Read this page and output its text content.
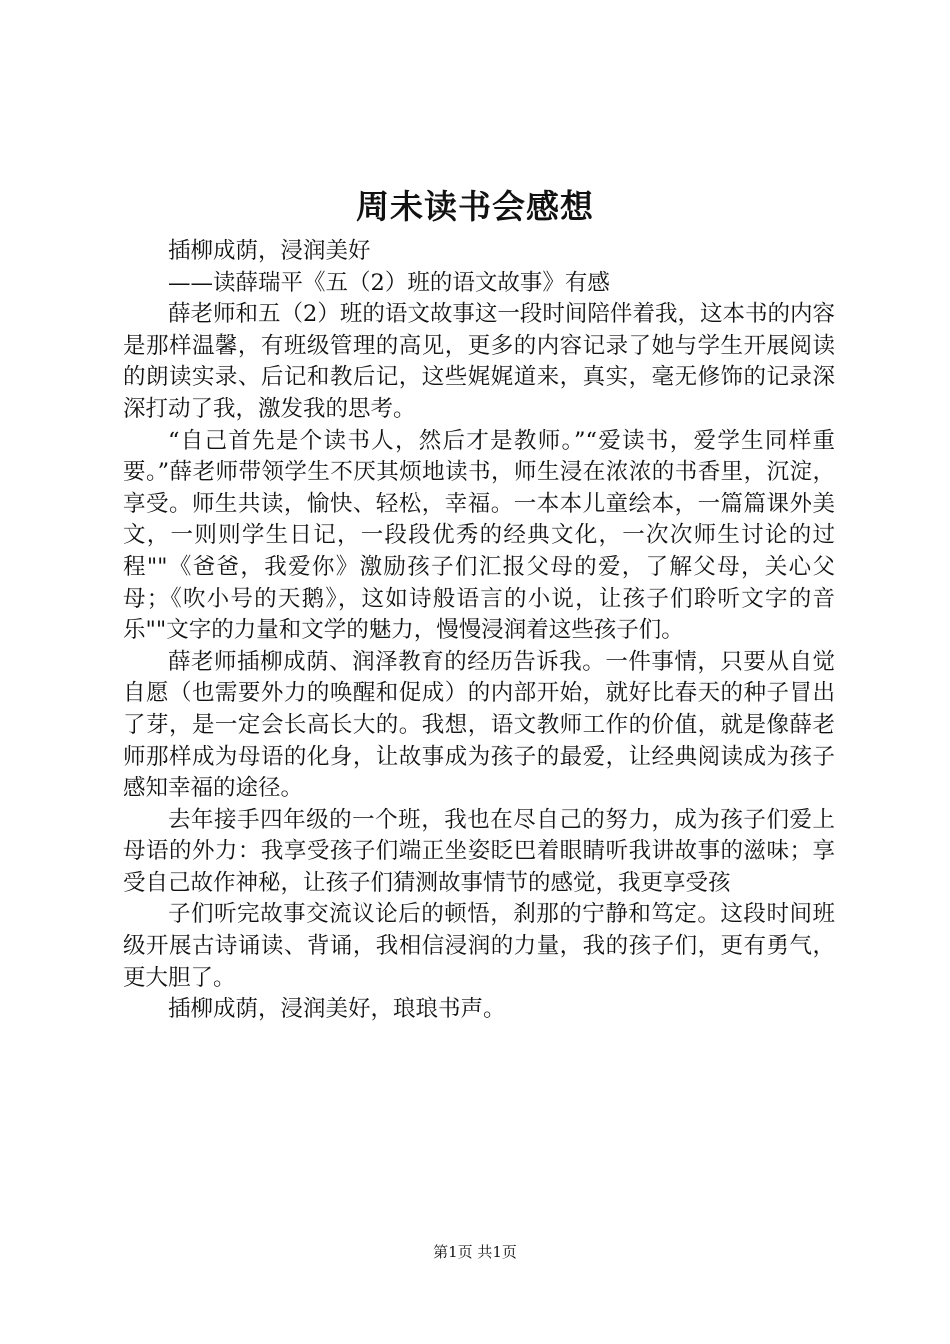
周未读书会感想

插柳成荫，浸润美好

——读薛瑞平《五（2）班的语文故事》有感

薛老师和五（2）班的语文故事这一段时间陪伴着我，这本书的内容是那样温馨，有班级管理的高见，更多的内容记录了她与学生开展阅读的朗读实录、后记和教后记，这些娓娓道来，真实，毫无修饰的记录深深打动了我，激发我的思考。

“自己首先是个读书人，然后才是教师。”“爱读书，爱学生同样重要。”薛老师带领学生不厌其烦地读书，师生浸在浓浓的书香里，沉淀，享受。师生共读，愉快、轻松，幸福。一本本儿童绘本，一篇篇课外美文，一则则学生日记，一段段优秀的经典文化，一次次师生讨论的过程""《爸爸，我爱你》激励孩子们汇报父母的爱，了解父母，关心父母；《吹小号的天鹅》，这如诗般语言的小说，让孩子们聆听文字的音乐""文字的力量和文学的魅力，慢慢浸润着这些孩子们。

薛老师插柳成荫、润泽教育的经历告诉我。一件事情，只要从自觉自愿（也需要外力的唤醒和促成）的内部开始，就好比春天的种子冒出了芽，是一定会长高长大的。我想，语文教师工作的价值，就是像薛老师那样成为母语的化身，让故事成为孩子的最爱，让经典阅读成为孩子感知幸福的途径。

去年接手四年级的一个班，我也在尽自己的努力，成为孩子们爱上母语的外力：我享受孩子们端正坐姿眨巴着眼睛听我讲故事的滋味；享受自己故作神秘，让孩子们猜测故事情节的感觉，我更享受孩

子们听完故事交流议论后的顿悟，刹那的宁静和笃定。这段时间班级开展古诗诵读、背诵，我相信浸润的力量，我的孩子们，更有勇气，更大胆了。

插柳成荫，浸润美好，琅琅书声。

第1页 共1页
